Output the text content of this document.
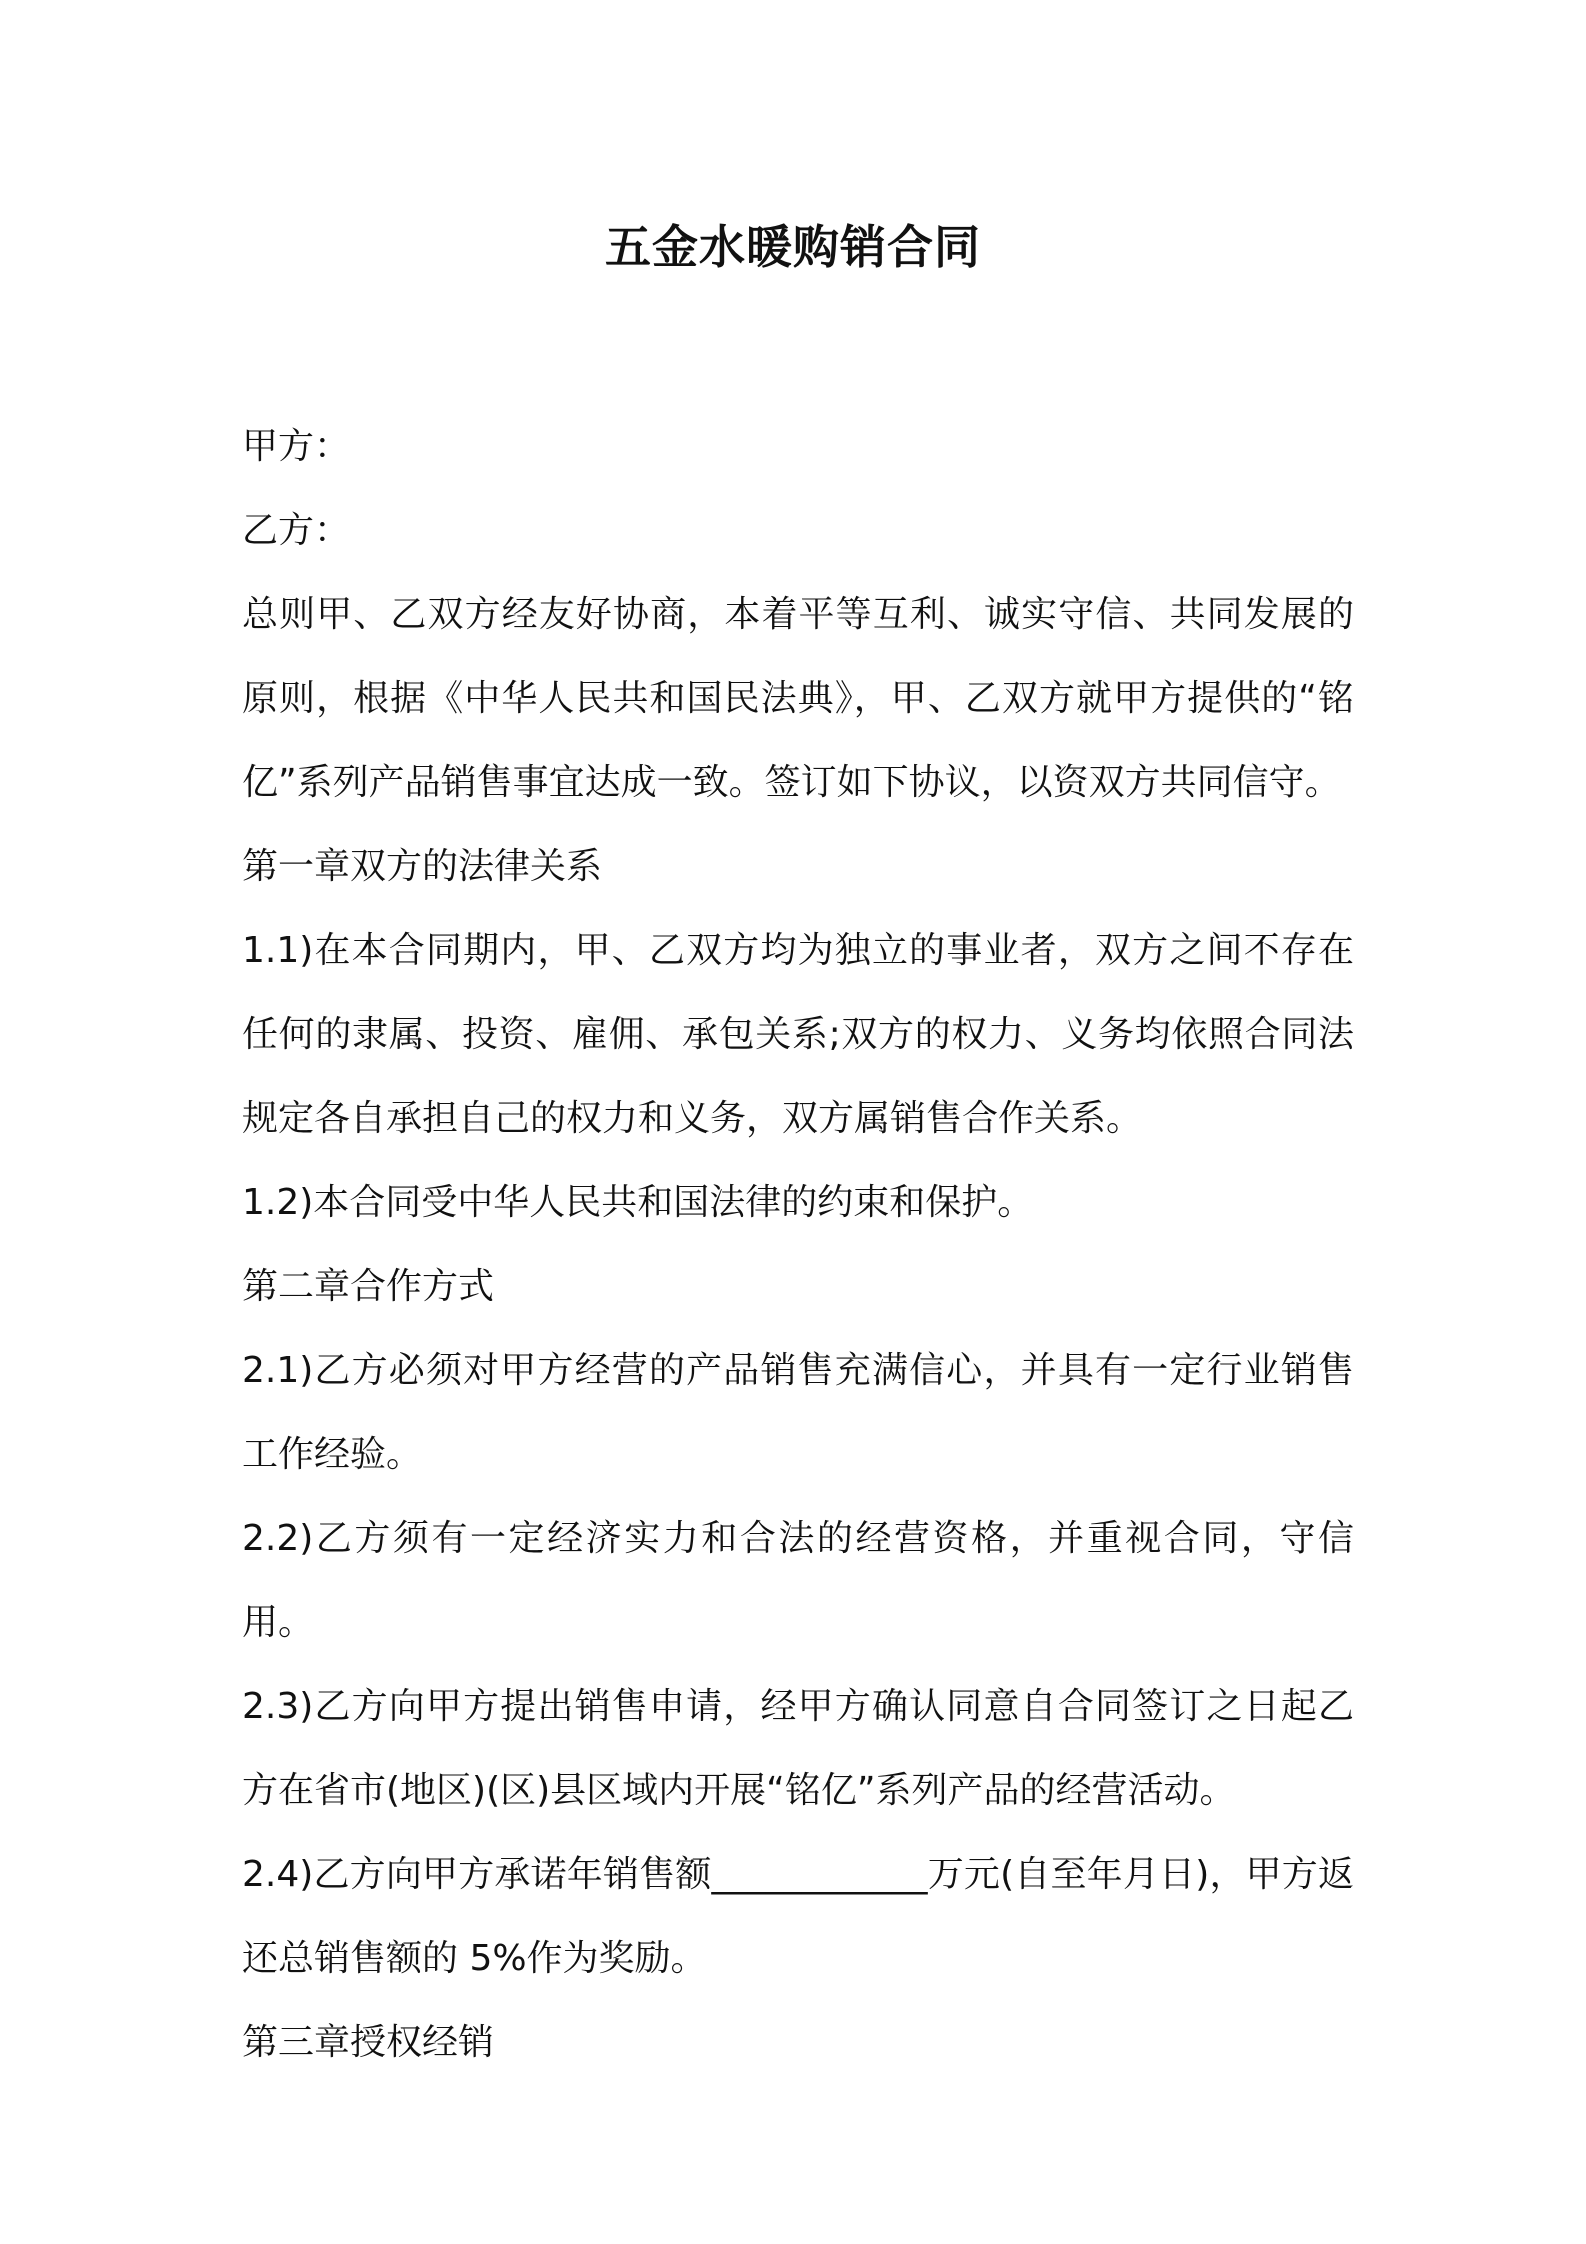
五金水暖购销合同

甲方：

乙方：

总则甲、乙双方经友好协商，本着平等互利、诚实守信、共同发展的原则，根据《中华人民共和国民法典》，甲、乙双方就甲方提供的“铭亿”系列产品销售事宜达成一致。签订如下协议，以资双方共同信守。

第一章双方的法律关系

1.1)在本合同期内，甲、乙双方均为独立的事业者，双方之间不存在任何的隶属、投资、雇佣、承包关系;双方的权力、义务均依照合同法规定各自承担自己的权力和义务，双方属销售合作关系。

1.2)本合同受中华人民共和国法律的约束和保护。

第二章合作方式

2.1)乙方必须对甲方经营的产品销售充满信心，并具有一定行业销售工作经验。

2.2)乙方须有一定经济实力和合法的经营资格，并重视合同，守信用。

2.3)乙方向甲方提出销售申请，经甲方确认同意自合同签订之日起乙方在省市(地区)(区)县区域内开展“铭亿”系列产品的经营活动。

2.4)乙方向甲方承诺年销售额____________万元(自至年月日)，甲方返还总销售额的 5%作为奖励。

第三章授权经销
